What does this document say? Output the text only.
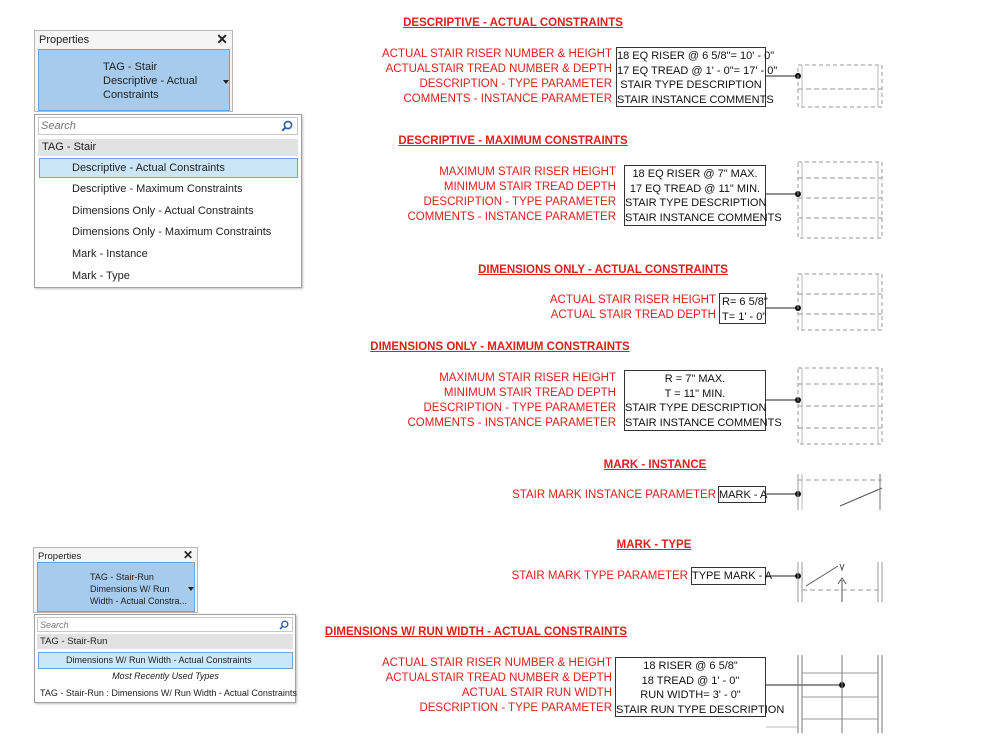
Properties	✕
TAG - Stair
Descriptive - Actual
Constraints
Search
TAG - Stair
Descriptive - Actual Constraints
Descriptive - Maximum Constraints
Dimensions Only - Actual Constraints
Dimensions Only - Maximum Constraints
Mark - Instance
Mark - Type
Properties	✕
TAG - Stair-Run
Dimensions W/ Run
Width - Actual Constra...
Search
TAG - Stair-Run
Dimensions W/ Run Width - Actual Constraints
Most Recently Used Types
TAG - Stair-Run : Dimensions W/ Run Width - Actual Constraints
DESCRIPTIVE - ACTUAL CONSTRAINTS
ACTUAL STAIR RISER NUMBER & HEIGHT
ACTUALSTAIR TREAD NUMBER & DEPTH
DESCRIPTION - TYPE PARAMETER
COMMENTS - INSTANCE PARAMETER
18 EQ RISER @ 6 5/8"= 10' - 0"
17 EQ TREAD @ 1' - 0"= 17' - 0"
STAIR TYPE DESCRIPTION
STAIR INSTANCE COMMENTS
DESCRIPTIVE - MAXIMUM CONSTRAINTS
MAXIMUM STAIR RISER HEIGHT
MINIMUM STAIR TREAD DEPTH
DESCRIPTION - TYPE PARAMETER
COMMENTS - INSTANCE PARAMETER
18 EQ RISER @ 7" MAX.
17 EQ TREAD @ 11" MIN.
STAIR TYPE DESCRIPTION
STAIR INSTANCE COMMENTS
DIMENSIONS ONLY - ACTUAL CONSTRAINTS
ACTUAL STAIR RISER HEIGHT
ACTUAL STAIR TREAD DEPTH
R= 6 5/8"
T= 1' - 0"
DIMENSIONS ONLY - MAXIMUM CONSTRAINTS
MAXIMUM STAIR RISER HEIGHT
MINIMUM STAIR TREAD DEPTH
DESCRIPTION - TYPE PARAMETER
COMMENTS - INSTANCE PARAMETER
R = 7" MAX.
T = 11" MIN.
STAIR TYPE DESCRIPTION
STAIR INSTANCE COMMENTS
MARK - INSTANCE
STAIR MARK INSTANCE PARAMETER MARK - A
MARK - TYPE
STAIR MARK TYPE PARAMETER TYPE MARK - A
DIMENSIONS W/ RUN WIDTH - ACTUAL CONSTRAINTS
ACTUAL STAIR RISER NUMBER & HEIGHT
ACTUALSTAIR TREAD NUMBER & DEPTH
ACTUAL STAIR RUN WIDTH
DESCRIPTION - TYPE PARAMETER
18 RISER @ 6 5/8"
18 TREAD @ 1' - 0"
RUN WIDTH= 3' - 0"
STAIR RUN TYPE DESCRIPTION
